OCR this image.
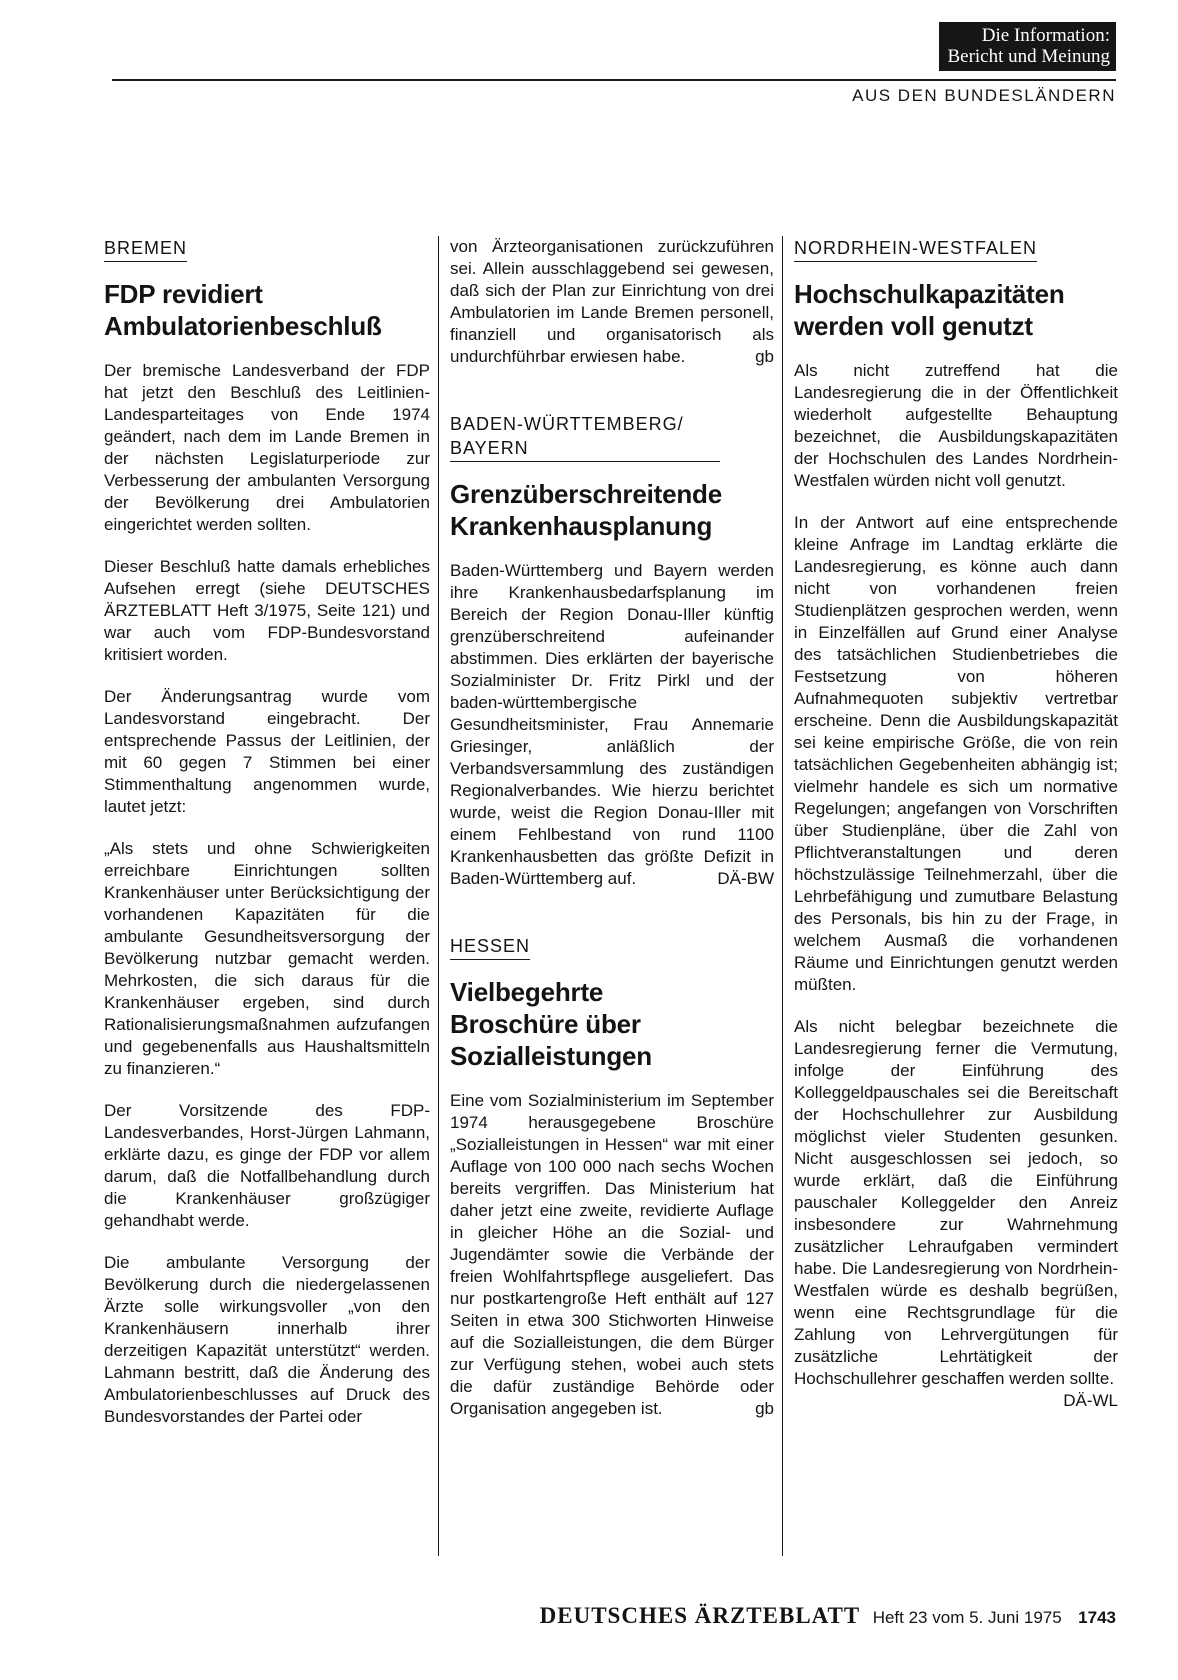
Die Information:
Bericht und Meinung
AUS DEN BUNDESLÄNDERN
BREMEN
FDP revidiert Ambulatorienbeschluß

Der bremische Landesverband der FDP hat jetzt den Beschluß des Leitlinien-Landesparteitages von Ende 1974 geändert, nach dem im Lande Bremen in der nächsten Legislaturperiode zur Verbesserung der ambulanten Versorgung der Bevölkerung drei Ambulatorien eingerichtet werden sollten.

Dieser Beschluß hatte damals erhebliches Aufsehen erregt (siehe DEUTSCHES ÄRZTEBLATT Heft 3/1975, Seite 121) und war auch vom FDP-Bundesvorstand kritisiert worden.

Der Änderungsantrag wurde vom Landesvorstand eingebracht. Der entsprechende Passus der Leitlinien, der mit 60 gegen 7 Stimmen bei einer Stimmenthaltung angenommen wurde, lautet jetzt:

„Als stets und ohne Schwierigkeiten erreichbare Einrichtungen sollten Krankenhäuser unter Berücksichtigung der vorhandenen Kapazitäten für die ambulante Gesundheitsversorgung der Bevölkerung nutzbar gemacht werden. Mehrkosten, die sich daraus für die Krankenhäuser ergeben, sind durch Rationalisierungsmaßnahmen aufzufangen und gegebenenfalls aus Haushaltsmitteln zu finanzieren.“

Der Vorsitzende des FDP-Landesverbandes, Horst-Jürgen Lahmann, erklärte dazu, es ginge der FDP vor allem darum, daß die Notfallbehandlung durch die Krankenhäuser großzügiger gehandhabt werde.

Die ambulante Versorgung der Bevölkerung durch die niedergelassenen Ärzte solle wirkungsvoller „von den Krankenhäusern innerhalb ihrer derzeitigen Kapazität unterstützt“ werden. Lahmann bestritt, daß die Änderung des Ambulatorienbeschlusses auf Druck des Bundesvorstandes der Partei oder

von Ärzteorganisationen zurückzuführen sei. Allein ausschlaggebend sei gewesen, daß sich der Plan zur Einrichtung von drei Ambulatorien im Lande Bremen personell, finanziell und organisatorisch als undurchführbar erwiesen habe.	gb

BADEN-WÜRTTEMBERG/ BAYERN
Grenzüberschreitende Krankenhausplanung

Baden-Württemberg und Bayern werden ihre Krankenhausbedarfsplanung im Bereich der Region Donau-Iller künftig grenzüberschreitend aufeinander abstimmen. Dies erklärten der bayerische Sozialminister Dr. Fritz Pirkl und der baden-württembergische Gesundheitsminister, Frau Annemarie Griesinger, anläßlich der Verbandsversammlung des zuständigen Regionalverbandes. Wie hierzu berichtet wurde, weist die Region Donau-Iller mit einem Fehlbestand von rund 1100 Krankenhausbetten das größte Defizit in Baden-Württemberg auf.	DÄ-BW

HESSEN
Vielbegehrte Broschüre über Sozialleistungen

Eine vom Sozialministerium im September 1974 herausgegebene Broschüre „Sozialleistungen in Hessen“ war mit einer Auflage von 100 000 nach sechs Wochen bereits vergriffen. Das Ministerium hat daher jetzt eine zweite, revidierte Auflage in gleicher Höhe an die Sozial- und Jugendämter sowie die Verbände der freien Wohlfahrtspflege ausgeliefert. Das nur postkartengroße Heft enthält auf 127 Seiten in etwa 300 Stichworten Hinweise auf die Sozialleistungen, die dem Bürger zur Verfügung stehen, wobei auch stets die dafür zuständige Behörde oder Organisation angegeben ist.	gb

NORDRHEIN-WESTFALEN
Hochschulkapazitäten werden voll genutzt

Als nicht zutreffend hat die Landesregierung die in der Öffentlichkeit wiederholt aufgestellte Behauptung bezeichnet, die Ausbildungskapazitäten der Hochschulen des Landes Nordrhein-Westfalen würden nicht voll genutzt.

In der Antwort auf eine entsprechende kleine Anfrage im Landtag erklärte die Landesregierung, es könne auch dann nicht von vorhandenen freien Studienplätzen gesprochen werden, wenn in Einzelfällen auf Grund einer Analyse des tatsächlichen Studienbetriebes die Festsetzung von höheren Aufnahmequoten subjektiv vertretbar erscheine. Denn die Ausbildungskapazität sei keine empirische Größe, die von rein tatsächlichen Gegebenheiten abhängig ist; vielmehr handele es sich um normative Regelungen; angefangen von Vorschriften über Studienpläne, über die Zahl von Pflichtveranstaltungen und deren höchstzulässige Teilnehmerzahl, über die Lehrbefähigung und zumutbare Belastung des Personals, bis hin zu der Frage, in welchem Ausmaß die vorhandenen Räume und Einrichtungen genutzt werden müßten.

Als nicht belegbar bezeichnete die Landesregierung ferner die Vermutung, infolge der Einführung des Kolleggeldpauschales sei die Bereitschaft der Hochschullehrer zur Ausbildung möglichst vieler Studenten gesunken. Nicht ausgeschlossen sei jedoch, so wurde erklärt, daß die Einführung pauschaler Kolleggelder den Anreiz insbesondere zur Wahrnehmung zusätzlicher Lehraufgaben vermindert habe. Die Landesregierung von Nordrhein-Westfalen würde es deshalb begrüßen, wenn eine Rechtsgrundlage für die Zahlung von Lehrvergütungen für zusätzliche Lehrtätigkeit der Hochschullehrer geschaffen werden sollte.
DÄ-WL

DEUTSCHES ÄRZTEBLATT Heft 23 vom 5. Juni 1975 1743
